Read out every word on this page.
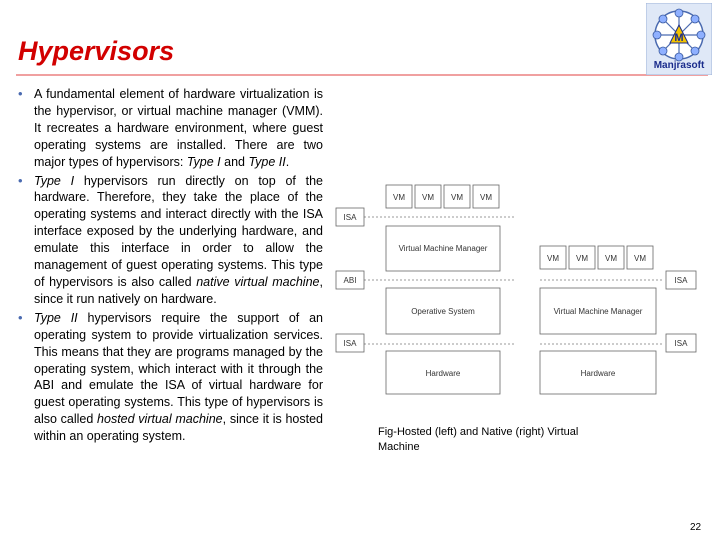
Hypervisors	M
Manjrasoft
• A fundamental element of hardware virtualization is the hypervisor, or virtual machine manager (VMM). It recreates a hardware environment, where guest operating systems are installed. There are two major types of hypervisors: Type I and Type II.
• Type I hypervisors run directly on top of the hardware. Therefore, they take the place of the operating systems and interact directly with the ISA interface exposed by the underlying hardware, and emulate this interface in order to allow the management of guest operating systems. This type of hypervisors is also called native virtual machine, since it run natively on hardware.
• Type II hypervisors require the support of an operating system to provide virtualization services. This means that they are programs managed by the operating system, which interact with it through the ABI and emulate the ISA of virtual hardware for guest operating systems. This type of hypervisors is also called hosted virtual machine, since it is hosted within an operating system.
VM VM VM VM
Virtual Machine Manager
Operative System
Hardware
VM VM VM VM
Virtual Machine Manager
Hardware
ISA
ABI
ISA
ISA
ISA
Fig-Hosted (left) and Native (right) Virtual Machine
22
